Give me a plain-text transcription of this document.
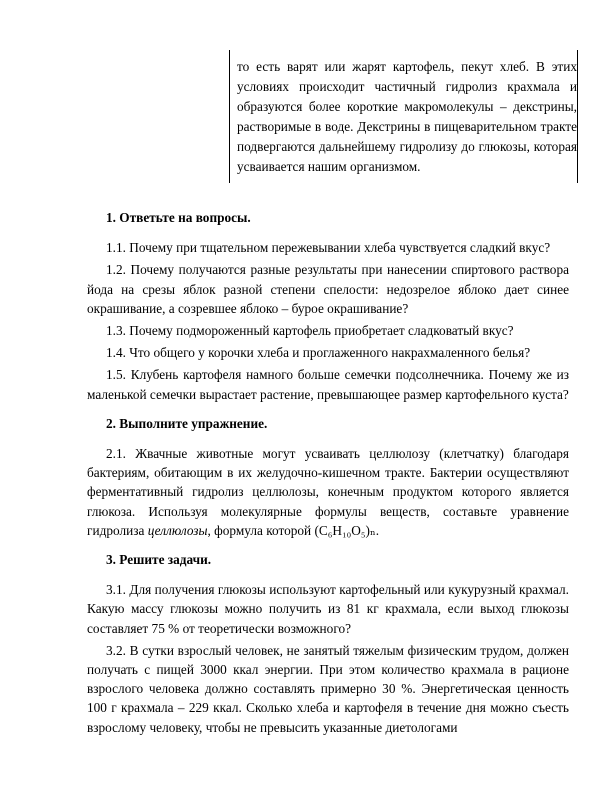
то есть варят или жарят картофель, пекут хлеб. В этих условиях происходит частичный гидролиз крахмала и образуются более короткие макромолекулы – декстрины, растворимые в воде. Декстрины в пищеварительном тракте подвергаются дальнейшему гидролизу до глюкозы, которая усваивается нашим организмом.

1. Ответьте на вопросы.

1.1. Почему при тщательном пережевывании хлеба чувствуется сладкий вкус?

1.2. Почему получаются разные результаты при нанесении спиртового раствора йода на срезы яблок разной степени спелости: недозрелое яблоко дает синее окрашивание, а созревшее яблоко – бурое окрашивание?

1.3. Почему подмороженный картофель приобретает сладковатый вкус?

1.4. Что общего у корочки хлеба и проглаженного накрахмаленного белья?

1.5. Клубень картофеля намного больше семечки подсолнечника. Почему же из маленькой семечки вырастает растение, превышающее размер картофельного куста?

2. Выполните упражнение.

2.1. Жвачные животные могут усваивать целлюлозу (клетчатку) благодаря бактериям, обитающим в их желудочно-кишечном тракте. Бактерии осуществляют ферментативный гидролиз целлюлозы, конечным продуктом которого является глюкоза. Используя молекулярные формулы веществ, составьте уравнение гидролиза целлюлозы, формула которой (C₆H₁₀O₅)ₙ.

3. Решите задачи.

3.1. Для получения глюкозы используют картофельный или кукурузный крахмал. Какую массу глюкозы можно получить из 81 кг крахмала, если выход глюкозы составляет 75 % от теоретически возможного?

3.2. В сутки взрослый человек, не занятый тяжелым физическим трудом, должен получать с пищей 3000 ккал энергии. При этом количество крахмала в рационе взрослого человека должно составлять примерно 30 %. Энергетическая ценность 100 г крахмала – 229 ккал. Сколько хлеба и картофеля в течение дня можно съесть взрослому человеку, чтобы не превысить указанные диетологами
